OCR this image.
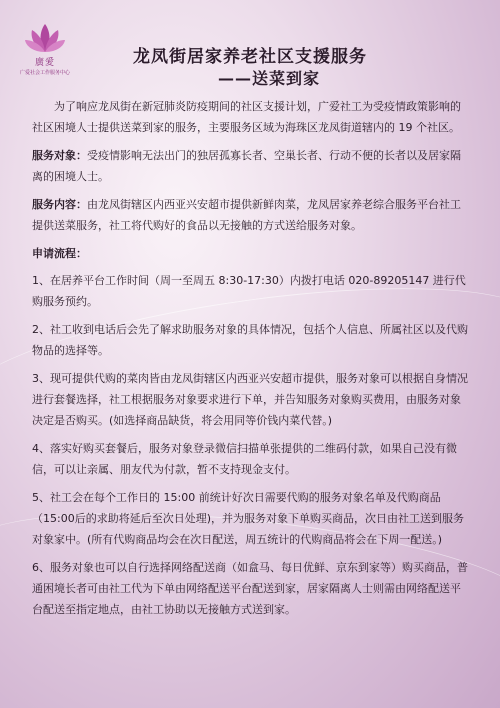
廣愛
广爱社会工作服务中心
龙凤街居家养老社区支援服务
——送菜到家

为了响应龙凤街在新冠肺炎防疫期间的社区支援计划，广爱社工为受疫情政策影响的社区困境人士提供送菜到家的服务，主要服务区域为海珠区龙凤街道辖内的 19 个社区。

服务对象：受疫情影响无法出门的独居孤寡长者、空巢长者、行动不便的长者以及居家隔离的困境人士。

服务内容：由龙凤街辖区内西亚兴安超市提供新鲜肉菜，龙凤居家养老综合服务平台社工提供送菜服务，社工将代购好的食品以无接触的方式送给服务对象。

申请流程：

1、在居养平台工作时间（周一至周五 8:30-17:30）内拨打电话 020-89205147 进行代购服务预约。

2、社工收到电话后会先了解求助服务对象的具体情况，包括个人信息、所属社区以及代购物品的选择等。

3、现可提供代购的菜肉皆由龙凤街辖区内西亚兴安超市提供，服务对象可以根据自身情况进行套餐选择，社工根据服务对象要求进行下单，并告知服务对象购买费用，由服务对象决定是否购买。(如选择商品缺货，将会用同等价钱内菜代替。)

4、落实好购买套餐后，服务对象登录微信扫描单张提供的二维码付款，如果自己没有微信，可以让亲属、朋友代为付款，暂不支持现金支付。

5、社工会在每个工作日的 15:00 前统计好次日需要代购的服务对象名单及代购商品（15:00后的求助将延后至次日处理)，并为服务对象下单购买商品，次日由社工送到服务对象家中。(所有代购商品均会在次日配送，周五统计的代购商品将会在下周一配送。)

6、服务对象也可以自行选择网络配送商（如盒马、每日优鲜、京东到家等）购买商品，普通困境长者可由社工代为下单由网络配送平台配送到家，居家隔离人士则需由网络配送平台配送至指定地点，由社工协助以无接触方式送到家。
